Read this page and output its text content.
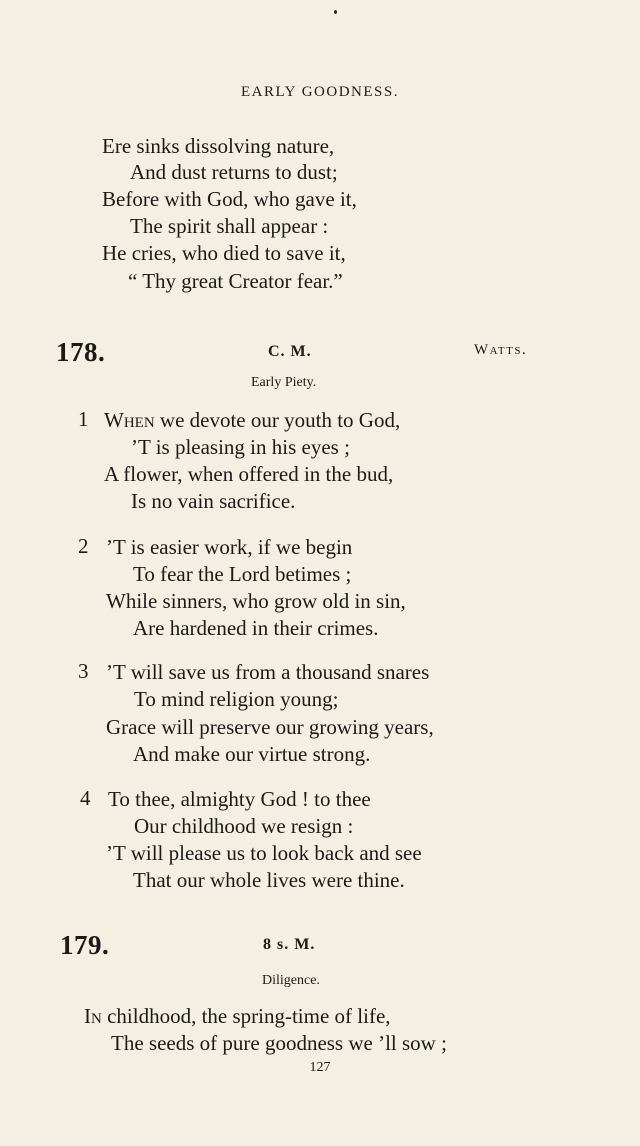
EARLY GOODNESS.
Ere sinks dissolving nature,
And dust returns to dust;
Before with God, who gave it,
The spirit shall appear :
He cries, who died to save it,
“ Thy great Creator fear.”
178.	C. M.	Watts.
Early Piety.
1 When we devote our youth to God,
’T is pleasing in his eyes ;
A flower, when offered in the bud,
Is no vain sacrifice.
2 ’T is easier work, if we begin
To fear the Lord betimes ;
While sinners, who grow old in sin,
Are hardened in their crimes.
3 ’T will save us from a thousand snares
To mind religion young;
Grace will preserve our growing years,
And make our virtue strong.
4 To thee, almighty God ! to thee
Our childhood we resign :
’T will please us to look back and see
That our whole lives were thine.
179.	8 s. M.
Diligence.
In childhood, the spring-time of life,
The seeds of pure goodness we ’ll sow ;
127
